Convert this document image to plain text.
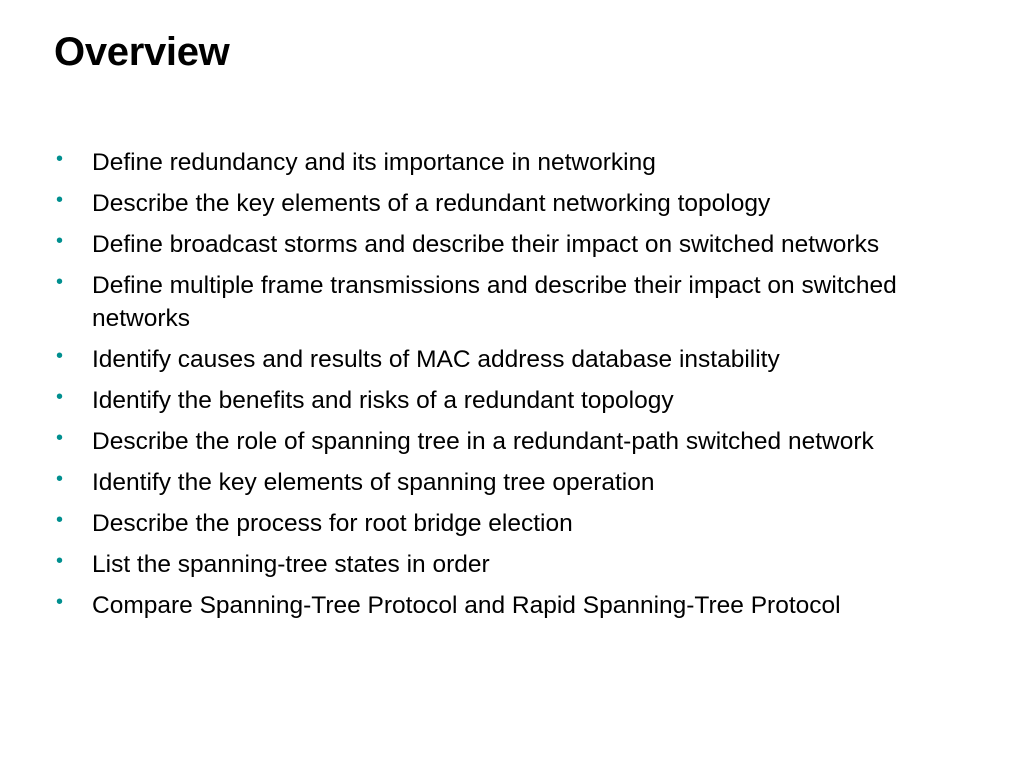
Overview
• Define redundancy and its importance in networking
• Describe the key elements of a redundant networking topology
• Define broadcast storms and describe their impact on switched networks
• Define multiple frame transmissions and describe their impact on switched networks
• Identify causes and results of MAC address database instability
• Identify the benefits and risks of a redundant topology
• Describe the role of spanning tree in a redundant-path switched network
• Identify the key elements of spanning tree operation
• Describe the process for root bridge election
• List the spanning-tree states in order
• Compare Spanning-Tree Protocol and Rapid Spanning-Tree Protocol
